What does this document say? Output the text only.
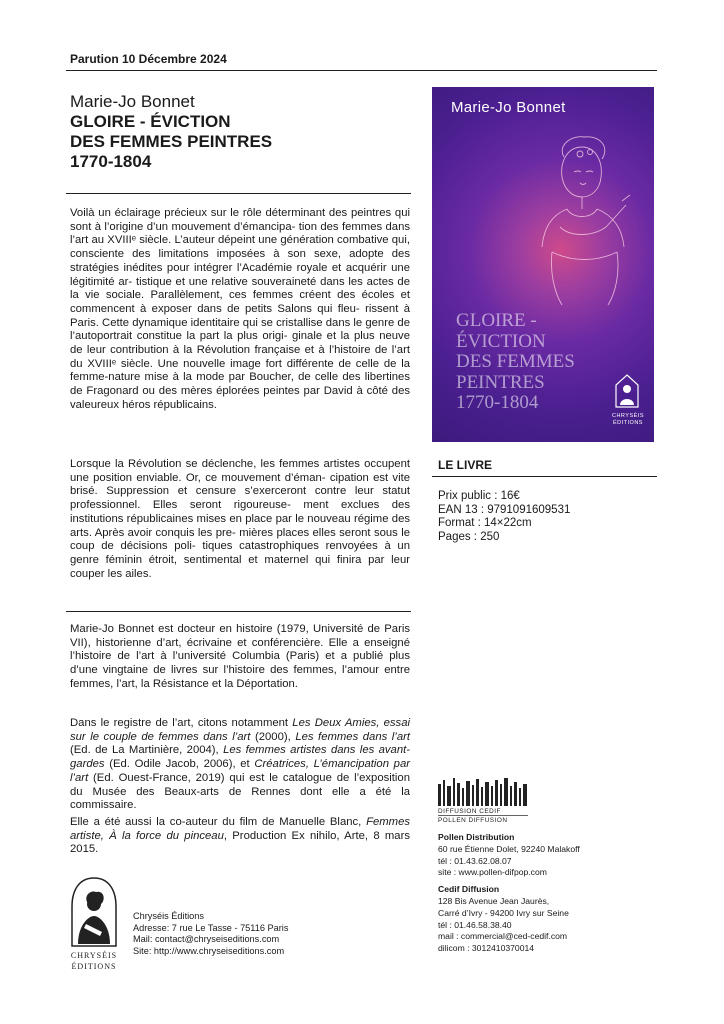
Parution 10 Décembre 2024
Marie-Jo Bonnet
GLOIRE - ÉVICTION
DES FEMMES PEINTRES
1770-1804
Voilà un éclairage précieux sur le rôle déterminant des peintres qui sont à l’origine d’un mouvement d’émancipa- tion des femmes dans l’art au XVIIIᵉ siècle. L’auteur dépeint une génération combative qui, consciente des limitations imposées à son sexe, adopte des stratégies inédites pour intégrer l’Académie royale et acquérir une légitimité ar- tistique et une relative souveraineté dans les actes de la vie sociale. Parallèlement, ces femmes créent des écoles et commencent à exposer dans de petits Salons qui fleu- rissent à Paris. Cette dynamique identitaire qui se cristallise dans le genre de l’autoportrait constitue la part la plus origi- ginale et la plus neuve de leur contribution à la Révolution française et à l’histoire de l’art du XVIIIᵉ siècle. Une nouvelle image fort différente de celle de la femme-nature mise à la mode par Boucher, de celle des libertines de Fragonard ou des mères éplorées peintes par David à côté des valeureux héros républicains.
Lorsque la Révolution se déclenche, les femmes artistes occupent une position enviable. Or, ce mouvement d’éman- cipation est vite brisé. Suppression et censure s’exerceront contre leur statut professionnel. Elles seront rigoureuse- ment exclues des institutions républicaines mises en place par le nouveau régime des arts. Après avoir conquis les pre- mières places elles seront sous le coup de décisions poli- tiques catastrophiques renvoyées à un genre féminin étroit, sentimental et maternel qui finira par leur couper les ailes.
Marie-Jo Bonnet est docteur en histoire (1979, Université de Paris VII), historienne d’art, écrivaine et conférencière. Elle a enseigné l’histoire de l’art à l’université Columbia (Paris) et a publié plus d’une vingtaine de livres sur l’histoire des femmes, l’amour entre femmes, l’art, la Résistance et la Déportation.
Dans le registre de l’art, citons notamment Les Deux Amies, essai sur le couple de femmes dans l’art (2000), Les femmes dans l’art (Ed. de La Martinière, 2004), Les femmes artistes dans les avant-gardes (Ed. Odile Jacob, 2006), et Créatrices, L’émancipation par l’art (Ed. Ouest-France, 2019) qui est le catalogue de l’exposition du Musée des Beaux-arts de Rennes dont elle a été la commissaire.
Elle a été aussi la co-auteur du film de Manuelle Blanc, Femmes artiste, À la force du pinceau, Production Ex nihilo, Arte, 8 mars 2015.
Marie-Jo Bonnet
GLOIRE -
ÉVICTION
DES FEMMES
PEINTRES
1770-1804
CHRYSÉIS
ÉDITIONS
LE LIVRE
Prix public : 16€
EAN 13 : 9791091609531
Format : 14×22cm
Pages : 250
DIFFUSION CEDIF
POLLEN DIFFUSION
Pollen Distribution
60 rue Étienne Dolet, 92240 Malakoff
tél : 01.43.62.08.07
site : www.pollen-difpop.com
Cedif Diffusion
128 Bis Avenue Jean Jaurès,
Carré d’Ivry - 94200 Ivry sur Seine
tél : 01.46.58.38.40
mail : commercial@ced-cedif.com
dilicom : 3012410370014
CHRYSÉIS
ÉDITIONS
Chryséis Éditions
Adresse: 7 rue Le Tasse - 75116 Paris
Mail: contact@chryseiseditions.com
Site: http://www.chryseiseditions.com
